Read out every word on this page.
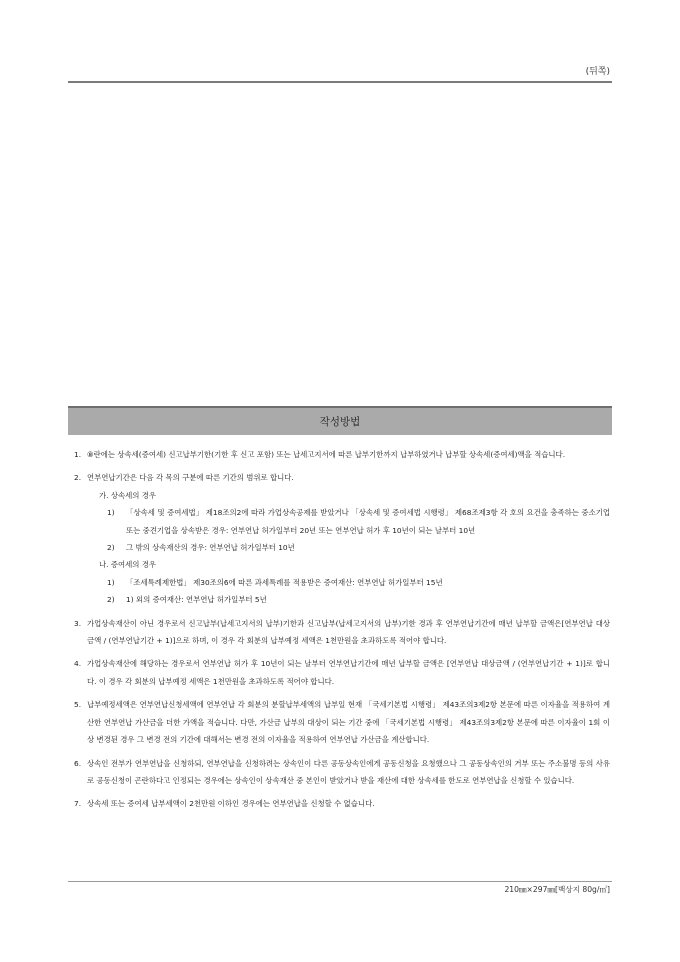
(뒤쪽)
작성방법
1. ⑧란에는 상속세(증여세) 신고납부기한(기한 후 신고 포함) 또는 납세고지서에 따른 납부기한까지 납부하였거나 납부할 상속세(증여세)액을 적습니다.
2. 연부연납기간은 다음 각 목의 구분에 따른 기간의 범위로 합니다.
가. 상속세의 경우
1)	「상속세 및 증여세법」 제18조의2에 따라 가업상속공제를 받았거나 「상속세 및 증여세법 시행령」 제68조제3항 각 호의 요건을 충족하는 중소기업 또는 중견기업을 상속받은 경우: 연부연납 허가일부터 20년 또는 연부연납 허가 후 10년이 되는 날부터 10년
2)	그 밖의 상속재산의 경우: 연부연납 허가일부터 10년
나. 증여세의 경우
1)	「조세특례제한법」 제30조의6에 따른 과세특례를 적용받은 증여재산: 연부연납 허가일부터 15년
2)	1) 외의 증여재산: 연부연납 허가일부터 5년
3. 가업상속재산이 아닌 경우로서 신고납부(납세고지서의 납부)기한과 신고납부(납세고지서의 납부)기한 경과 후 연부연납기간에 매년 납부할 금액은[연부연납 대상금액 / (연부연납기간 + 1)]으로 하며, 이 경우 각 회분의 납부예정 세액은 1천만원을 초과하도록 적어야 합니다.
4. 가업상속재산에 해당하는 경우로서 연부연납 허가 후 10년이 되는 날부터 연부연납기간에 매년 납부할 금액은 [연부연납 대상금액 / (연부연납기간 + 1)]로 합니다. 이 경우 각 회분의 납부예정 세액은 1천만원을 초과하도록 적어야 합니다.
5. 납부예정세액은 연부연납신청세액에 연부연납 각 회분의 분할납부세액의 납부일 현재 「국세기본법 시행령」 제43조의3제2항 본문에 따른 이자율을 적용하여 계산한 연부연납 가산금을 더한 가액을 적습니다. 다만, 가산금 납부의 대상이 되는 기간 중에 「국세기본법 시행령」 제43조의3제2항 본문에 따른 이자율이 1회 이상 변경된 경우 그 변경 전의 기간에 대해서는 변경 전의 이자율을 적용하여 연부연납 가산금을 계산합니다.
6. 상속인 전부가 연부연납을 신청하되, 연부연납을 신청하려는 상속인이 다른 공동상속인에게 공동신청을 요청했으나 그 공동상속인의 거부 또는 주소불명 등의 사유로 공동신청이 곤란하다고 인정되는 경우에는 상속인이 상속재산 중 본인이 받았거나 받을 재산에 대한 상속세를 한도로 연부연납을 신청할 수 있습니다.
7. 상속세 또는 증여세 납부세액이 2천만원 이하인 경우에는 연부연납을 신청할 수 없습니다.
210㎜×297㎜[백상지 80g/㎡]
